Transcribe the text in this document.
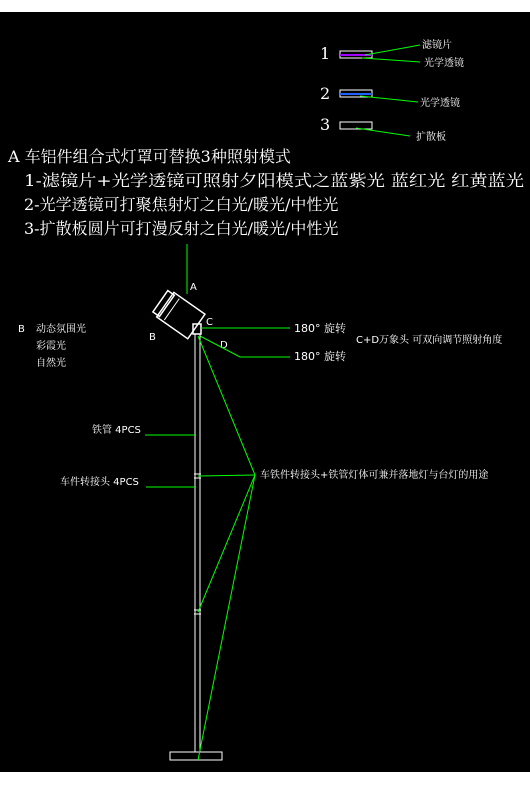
1	滤镜片
光学透镜
2
光学透镜
3
扩散板
A 车铝件组合式灯罩可替换3种照射模式
1-滤镜片+光学透镜可照射夕阳模式之蓝紫光 蓝红光 红黄蓝光
2-光学透镜可打聚焦射灯之白光/暖光/中性光
3-扩散板圆片可打漫反射之白光/暖光/中性光
A
B
C
D
180° 旋转
180° 旋转
C+D万象头 可双向调节照射角度
B 动态氛围光
彩霞光
自然光
铁管 4PCS
车件转接头 4PCS
车铁件转接头+铁管灯体可兼并落地灯与台灯的用途
